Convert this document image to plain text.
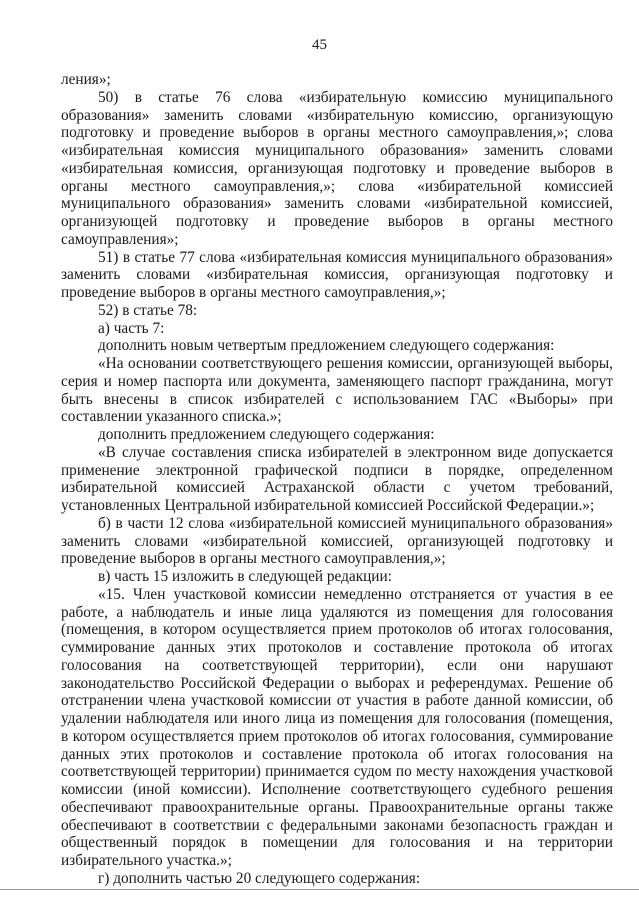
45

ления»;

50) в статье 76 слова «избирательную комиссию муниципального образования» заменить словами «избирательную комиссию, организующую подготовку и проведение выборов в органы местного самоуправления,»; слова «избирательная комиссия муниципального образования» заменить словами «избирательная комиссия, организующая подготовку и проведение выборов в органы местного самоуправления,»; слова «избирательной комиссией муниципального образования» заменить словами «избирательной комиссией, организующей подготовку и проведение выборов в органы местного самоуправления»;

51) в статье 77 слова «избирательная комиссия муниципального образования» заменить словами «избирательная комиссия, организующая подготовку и проведение выборов в органы местного самоуправления,»;

52) в статье 78:

а) часть 7:

дополнить новым четвертым предложением следующего содержания:

«На основании соответствующего решения комиссии, организующей выборы, серия и номер паспорта или документа, заменяющего паспорт гражданина, могут быть внесены в список избирателей с использованием ГАС «Выборы» при составлении указанного списка.»;

дополнить предложением следующего содержания:

«В случае составления списка избирателей в электронном виде допускается применение электронной графической подписи в порядке, определенном избирательной комиссией Астраханской области с учетом требований, установленных Центральной избирательной комиссией Российской Федерации.»;

б) в части 12 слова «избирательной комиссией муниципального образования» заменить словами «избирательной комиссией, организующей подготовку и проведение выборов в органы местного самоуправления,»;

в) часть 15 изложить в следующей редакции:

«15. Член участковой комиссии немедленно отстраняется от участия в ее работе, а наблюдатель и иные лица удаляются из помещения для голосования (помещения, в котором осуществляется прием протоколов об итогах голосования, суммирование данных этих протоколов и составление протокола об итогах голосования на соответствующей территории), если они нарушают законодательство Российской Федерации о выборах и референдумах. Решение об отстранении члена участковой комиссии от участия в работе данной комиссии, об удалении наблюдателя или иного лица из помещения для голосования (помещения, в котором осуществляется прием протоколов об итогах голосования, суммирование данных этих протоколов и составление протокола об итогах голосования на соответствующей территории) принимается судом по месту нахождения участковой комиссии (иной комиссии). Исполнение соответствующего судебного решения обеспечивают правоохранительные органы. Правоохранительные органы также обеспечивают в соответствии с федеральными законами безопасность граждан и общественный порядок в помещении для голосования и на территории избирательного участка.»;

г) дополнить частью 20 следующего содержания:
